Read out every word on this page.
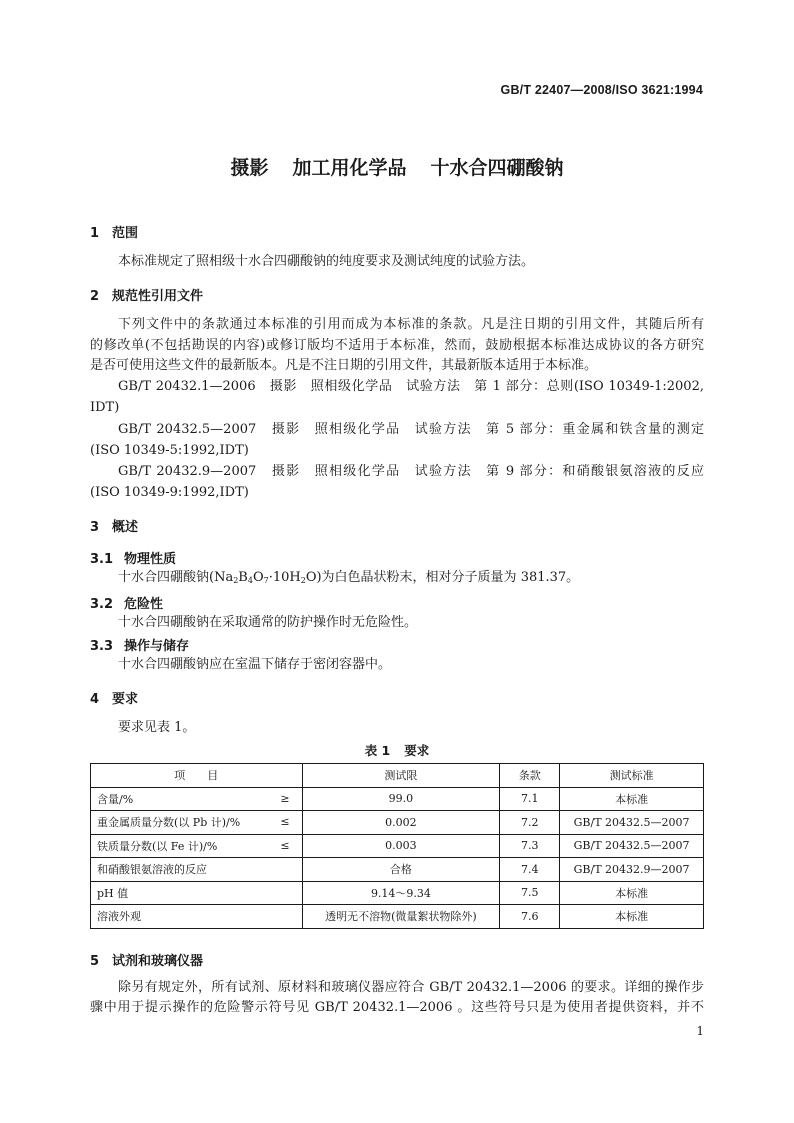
GB/T 22407—2008/ISO 3621:1994
摄影 加工用化学品 十水合四硼酸钠
1 范围
本标准规定了照相级十水合四硼酸钠的纯度要求及测试纯度的试验方法。
2 规范性引用文件
下列文件中的条款通过本标准的引用而成为本标准的条款。凡是注日期的引用文件，其随后所有
的修改单(不包括勘误的内容)或修订版均不适用于本标准，然而，鼓励根据本标准达成协议的各方研究
是否可使用这些文件的最新版本。凡是不注日期的引用文件，其最新版本适用于本标准。
GB/T 20432.1—2006　摄影　照相级化学品　试验方法　第 1 部分：总则(ISO 10349-1:2002,
IDT)
GB/T 20432.5—2007　摄影　照相级化学品　试验方法　第 5 部分：重金属和铁含量的测定
(ISO 10349-5:1992,IDT)
GB/T 20432.9—2007　摄影　照相级化学品　试验方法　第 9 部分：和硝酸银氨溶液的反应
(ISO 10349-9:1992,IDT)
3 概述
3.1 物理性质
十水合四硼酸钠$(Na_2B_4O_7\cdot 10H_2O)$为白色晶状粉末，相对分子质量为 381.37。
3.2 危险性
十水合四硼酸钠在采取通常的防护操作时无危险性。
3.3 操作与储存
十水合四硼酸钠应在室温下储存于密闭容器中。
4 要求
要求见表 1。
表 1 要求
项　　目	测试限	条款	测试标准
含量/% ≥	99.0	7.1	本标准
重金属质量分数(以 Pb 计)/% ≤	0.002	7.2	GB/T 20432.5—2007
铁质量分数(以 Fe 计)/% ≤	0.003	7.3	GB/T 20432.5—2007
和硝酸银氨溶液的反应	合格	7.4	GB/T 20432.9—2007
pH 值	9.14～9.34	7.5	本标准
溶液外观	透明无不溶物(微量絮状物除外)	7.6	本标准
5 试剂和玻璃仪器
除另有规定外，所有试剂、原材料和玻璃仪器应符合 GB/T 20432.1—2006 的要求。详细的操作步
骤中用于提示操作的危险警示符号见 GB/T 20432.1—2006 。这些符号只是为使用者提供资料，并不
1
